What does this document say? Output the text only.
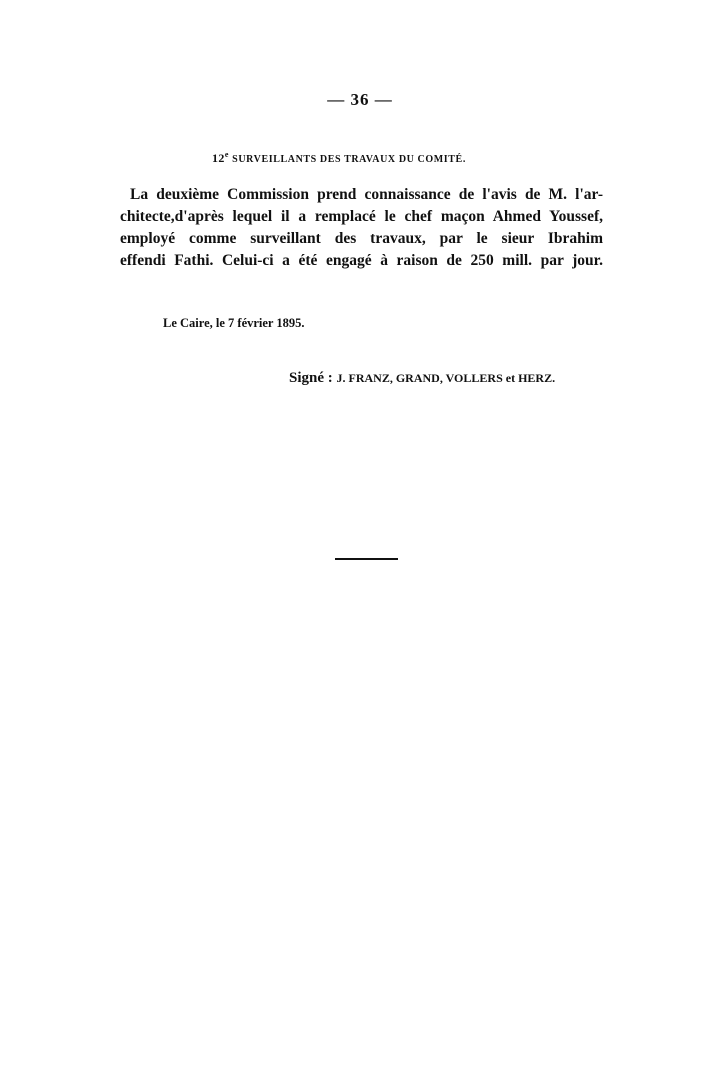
— 36 —
12e SURVEILLANTS DES TRAVAUX DU COMITÉ.
La deuxième Commission prend connaissance de l'avis de M. l'ar-
chitecte,d'après lequel il a remplacé le chef maçon Ahmed Youssef,
employé comme surveillant des travaux, par le sieur Ibrahim
effendi Fathi. Celui-ci a été engagé à raison de 250 mill. par jour.
Le Caire, le 7 février 1895.
Signé : J. FRANZ, GRAND, VOLLERS et HERZ.
